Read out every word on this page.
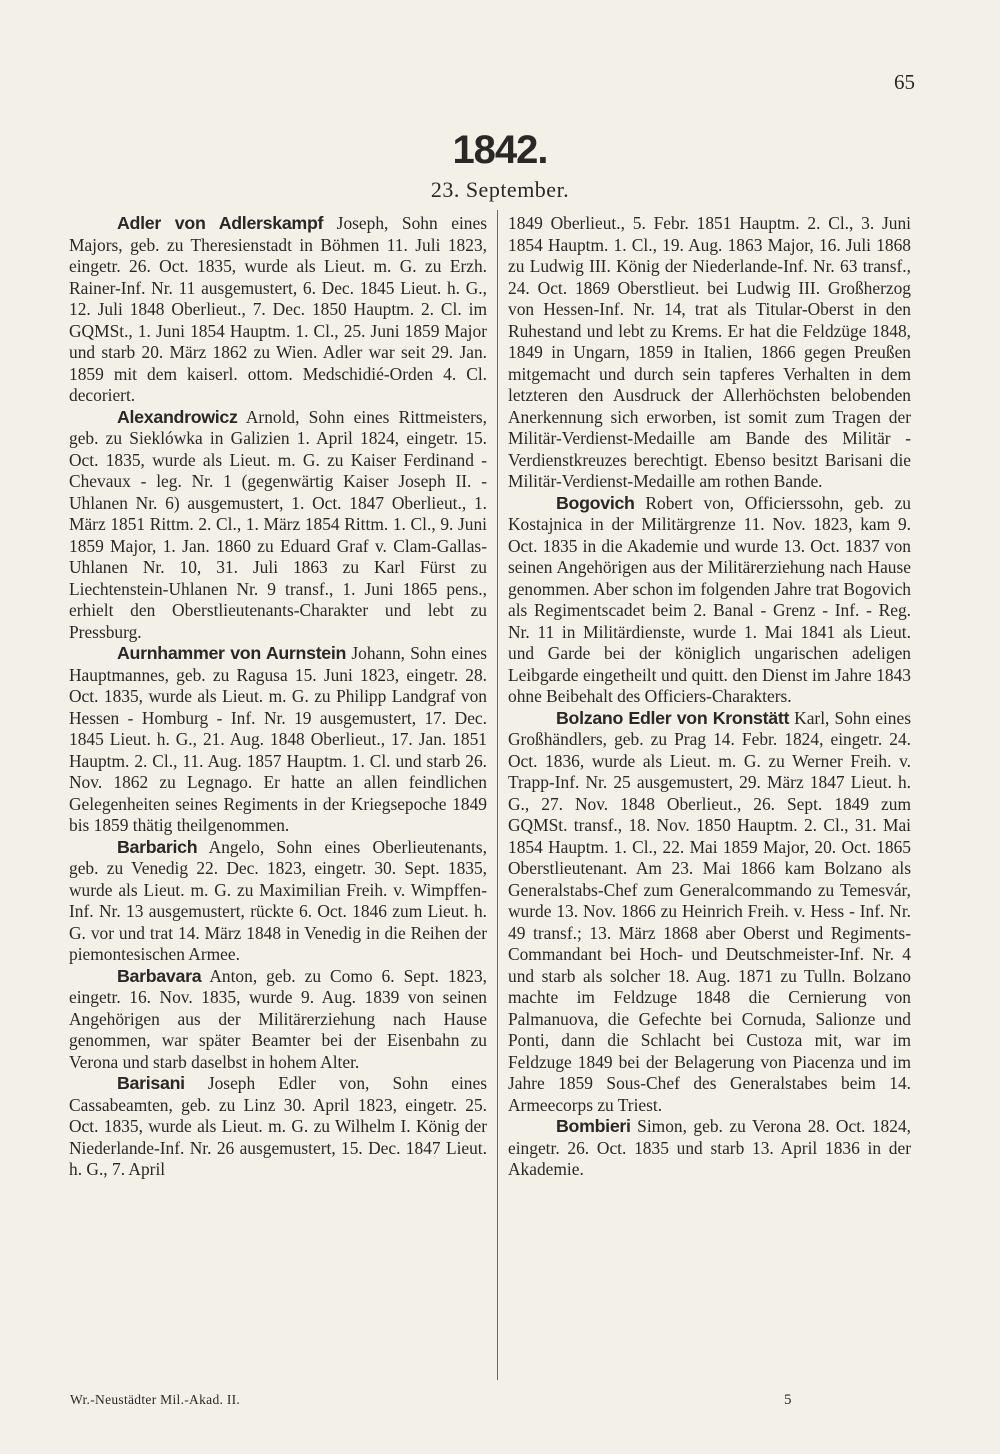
65
1842.
23. September.

Adler von Adlerskampf Joseph, Sohn eines Majors, geb. zu Theresienstadt in Böhmen 11. Juli 1823, eingetr. 26. Oct. 1835, wurde als Lieut. m. G. zu Erzh. Rainer-Inf. Nr. 11 ausgemustert, 6. Dec. 1845 Lieut. h. G., 12. Juli 1848 Oberlieut., 7. Dec. 1850 Hauptm. 2. Cl. im GQMSt., 1. Juni 1854 Hauptm. 1. Cl., 25. Juni 1859 Major und starb 20. März 1862 zu Wien. Adler war seit 29. Jan. 1859 mit dem kaiserl. ottom. Medschidié-Orden 4. Cl. decoriert.

Alexandrowicz Arnold, Sohn eines Rittmeisters, geb. zu Sieklówka in Galizien 1. April 1824, eingetr. 15. Oct. 1835, wurde als Lieut. m. G. zu Kaiser Ferdinand - Chevaux - leg. Nr. 1 (gegenwärtig Kaiser Joseph II. - Uhlanen Nr. 6) ausgemustert, 1. Oct. 1847 Oberlieut., 1. März 1851 Rittm. 2. Cl., 1. März 1854 Rittm. 1. Cl., 9. Juni 1859 Major, 1. Jan. 1860 zu Eduard Graf v. Clam-Gallas-Uhlanen Nr. 10, 31. Juli 1863 zu Karl Fürst zu Liechtenstein-Uhlanen Nr. 9 transf., 1. Juni 1865 pens., erhielt den Oberstlieutenants-Charakter und lebt zu Pressburg.

Aurnhammer von Aurnstein Johann, Sohn eines Hauptmannes, geb. zu Ragusa 15. Juni 1823, eingetr. 28. Oct. 1835, wurde als Lieut. m. G. zu Philipp Landgraf von Hessen - Homburg - Inf. Nr. 19 ausgemustert, 17. Dec. 1845 Lieut. h. G., 21. Aug. 1848 Oberlieut., 17. Jan. 1851 Hauptm. 2. Cl., 11. Aug. 1857 Hauptm. 1. Cl. und starb 26. Nov. 1862 zu Legnago. Er hatte an allen feindlichen Gelegenheiten seines Regiments in der Kriegsepoche 1849 bis 1859 thätig theilgenommen.

Barbarich Angelo, Sohn eines Oberlieutenants, geb. zu Venedig 22. Dec. 1823, eingetr. 30. Sept. 1835, wurde als Lieut. m. G. zu Maximilian Freih. v. Wimpffen-Inf. Nr. 13 ausgemustert, rückte 6. Oct. 1846 zum Lieut. h. G. vor und trat 14. März 1848 in Venedig in die Reihen der piemontesischen Armee.

Barbavara Anton, geb. zu Como 6. Sept. 1823, eingetr. 16. Nov. 1835, wurde 9. Aug. 1839 von seinen Angehörigen aus der Militärerziehung nach Hause genommen, war später Beamter bei der Eisenbahn zu Verona und starb daselbst in hohem Alter.

Barisani Joseph Edler von, Sohn eines Cassabeamten, geb. zu Linz 30. April 1823, eingetr. 25. Oct. 1835, wurde als Lieut. m. G. zu Wilhelm I. König der Niederlande-Inf. Nr. 26 ausgemustert, 15. Dec. 1847 Lieut. h. G., 7. April

1849 Oberlieut., 5. Febr. 1851 Hauptm. 2. Cl., 3. Juni 1854 Hauptm. 1. Cl., 19. Aug. 1863 Major, 16. Juli 1868 zu Ludwig III. König der Niederlande-Inf. Nr. 63 transf., 24. Oct. 1869 Oberstlieut. bei Ludwig III. Großherzog von Hessen-Inf. Nr. 14, trat als Titular-Oberst in den Ruhestand und lebt zu Krems. Er hat die Feldzüge 1848, 1849 in Ungarn, 1859 in Italien, 1866 gegen Preußen mitgemacht und durch sein tapferes Verhalten in dem letzteren den Ausdruck der Allerhöchsten belobenden Anerkennung sich erworben, ist somit zum Tragen der Militär-Verdienst-Medaille am Bande des Militär - Verdienstkreuzes berechtigt. Ebenso besitzt Barisani die Militär-Verdienst-Medaille am rothen Bande.

Bogovich Robert von, Officierssohn, geb. zu Kostajnica in der Militärgrenze 11. Nov. 1823, kam 9. Oct. 1835 in die Akademie und wurde 13. Oct. 1837 von seinen Angehörigen aus der Militärerziehung nach Hause genommen. Aber schon im folgenden Jahre trat Bogovich als Regimentscadet beim 2. Banal - Grenz - Inf. - Reg. Nr. 11 in Militärdienste, wurde 1. Mai 1841 als Lieut. und Garde bei der königlich ungarischen adeligen Leibgarde eingetheilt und quitt. den Dienst im Jahre 1843 ohne Beibehalt des Officiers-Charakters.

Bolzano Edler von Kronstätt Karl, Sohn eines Großhändlers, geb. zu Prag 14. Febr. 1824, eingetr. 24. Oct. 1836, wurde als Lieut. m. G. zu Werner Freih. v. Trapp-Inf. Nr. 25 ausgemustert, 29. März 1847 Lieut. h. G., 27. Nov. 1848 Oberlieut., 26. Sept. 1849 zum GQMSt. transf., 18. Nov. 1850 Hauptm. 2. Cl., 31. Mai 1854 Hauptm. 1. Cl., 22. Mai 1859 Major, 20. Oct. 1865 Oberstlieutenant. Am 23. Mai 1866 kam Bolzano als Generalstabs-Chef zum Generalcommando zu Temesvár, wurde 13. Nov. 1866 zu Heinrich Freih. v. Hess - Inf. Nr. 49 transf.; 13. März 1868 aber Oberst und Regiments-Commandant bei Hoch- und Deutschmeister-Inf. Nr. 4 und starb als solcher 18. Aug. 1871 zu Tulln. Bolzano machte im Feldzuge 1848 die Cernierung von Palmanuova, die Gefechte bei Cornuda, Salionze und Ponti, dann die Schlacht bei Custoza mit, war im Feldzuge 1849 bei der Belagerung von Piacenza und im Jahre 1859 Sous-Chef des Generalstabes beim 14. Armeecorps zu Triest.

Bombieri Simon, geb. zu Verona 28. Oct. 1824, eingetr. 26. Oct. 1835 und starb 13. April 1836 in der Akademie.

Wr.-Neustädter Mil.-Akad. II.	5
